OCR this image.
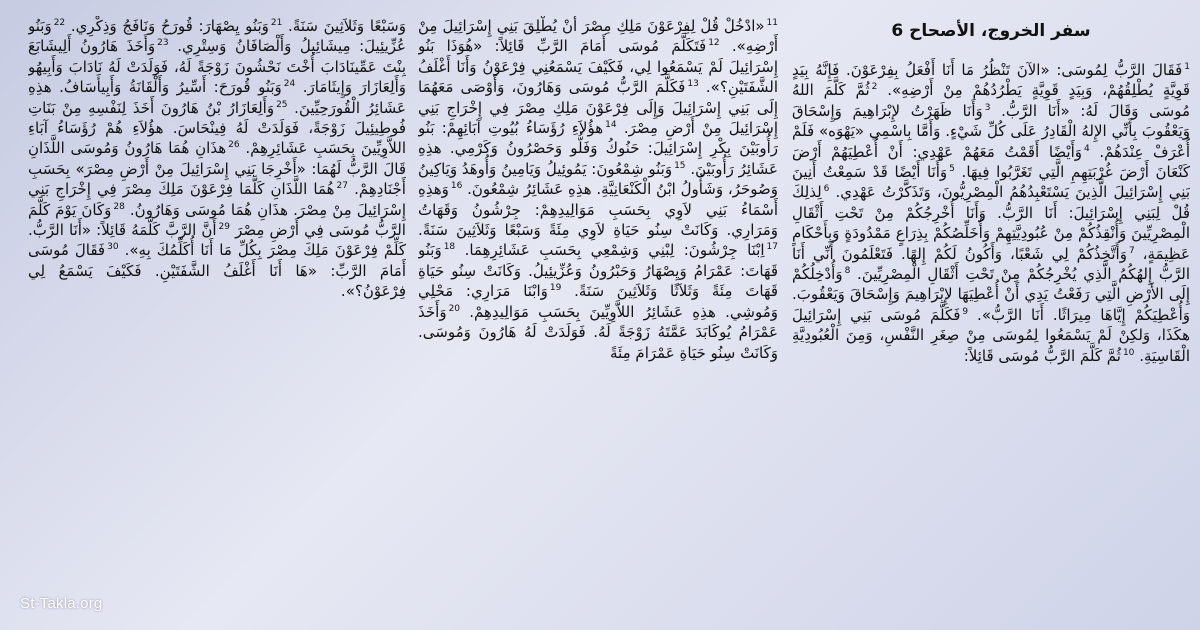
سفر الخروج، الأصحاح 6
$^1$فَقَالَ الرَّبُّ لِمُوسَى: «الآنَ تَنْظُرُ مَا أَنَا أَفْعَلُ بِفِرْعَوْنَ. فَإِنَّهُ بِيَدٍ قَوِيَّةٍ يُطْلِقُهُمْ، وَبِيَدٍ قَوِيَّةٍ يَطْرُدُهُمْ مِنْ أَرْضِهِ». $^2$ثُمَّ كَلَّمَ اللهُ مُوسَى وَقَالَ لَهُ: «أَنَا الرَّبُّ. $^3$وَأَنَا ظَهَرْتُ لإِبْرَاهِيمَ وَإِسْحَاقَ وَيَعْقُوبَ بِأَنِّي الإِلهُ الْقَادِرُ عَلَى كُلِّ شَيْءٍ. وَأَمَّا بِاسْمِي «يَهْوَه» فَلَمْ أُعْرَفْ عِنْدَهُمْ. $^4$وَأَيْضًا أَقَمْتُ مَعَهُمْ عَهْدِي: أَنْ أُعْطِيَهُمْ أَرْضَ كَنْعَانَ أَرْضَ غُرْبَتِهِمِ الَّتِي تَغَرَّبُوا فِيهَا. $^5$وَأَنَا أَيْضًا قَدْ سَمِعْتُ أَنِينَ بَنِي إِسْرَائِيلَ الَّذِينَ يَسْتَعْبِدُهُمُ الْمِصْرِيُّونَ، وَتَذَكَّرْتُ عَهْدِي. $^6$لِذلِكَ قُلْ لِبَنِي إِسْرَائِيلَ: أَنَا الرَّبُّ. وَأَنَا أُخْرِجُكُمْ مِنْ تَحْتِ أَثْقَالِ الْمِصْرِيِّينَ وَأُنْقِذُكُمْ مِنْ عُبُودِيَّتِهِمْ وَأُخَلِّصُكُمْ بِذِرَاعٍ مَمْدُودَةٍ وَبِأَحْكَامٍ عَظِيمَةٍ، $^7$وَأَتَّخِذُكُمْ لِي شَعْبًا، وَأَكُونُ لَكُمْ إِلهًا. فَتَعْلَمُونَ أَنِّي أَنَا الرَّبُّ إِلهُكُمُ الَّذِي يُخْرِجُكُمْ مِنْ تَحْتِ أَثْقَالِ الْمِصْرِيِّينَ. $^8$وَأُدْخِلُكُمْ إِلَى الأَرْضِ الَّتِي رَفَعْتُ يَدِي أَنْ أُعْطِيَهَا لإِبْرَاهِيمَ وَإِسْحَاقَ وَيَعْقُوبَ. وَأُعْطِيَكُمْ إِيَّاهَا مِيرَاثًا. أَنَا الرَّبُّ». $^9$فَكَلَّمَ مُوسَى بَنِي إِسْرَائِيلَ هكَذَا، وَلكِنْ لَمْ يَسْمَعُوا لِمُوسَى مِنْ صِغَرِ النَّفْسِ، وَمِنَ الْعُبُودِيَّةِ الْقَاسِيَةِ. $^{10}$ثُمَّ كَلَّمَ الرَّبُّ مُوسَى قَائِلاً:
$^{11}$«ادْخُلْ قُلْ لِفِرْعَوْنَ مَلِكِ مِصْرَ أَنْ يُطْلِقَ بَنِي إِسْرَائِيلَ مِنْ أَرْضِهِ». $^{12}$فَتَكَلَّمَ مُوسَى أَمَامَ الرَّبِّ قَائِلاً: «هُوَذَا بَنُو إِسْرَائِيلَ لَمْ يَسْمَعُوا لِي، فَكَيْفَ يَسْمَعُنِي فِرْعَوْنُ وَأَنَا أَغْلَفُ الشَّفَتَيْنِ؟». $^{13}$فَكَلَّمَ الرَّبُّ مُوسَى وَهَارُونَ، وَأَوْصَى مَعَهُمَا إِلَى بَنِي إِسْرَائِيلَ وَإِلَى فِرْعَوْنَ مَلِكِ مِصْرَ فِي إِخْرَاجِ بَنِي إِسْرَائِيلَ مِنْ أَرْضِ مِصْرَ. $^{14}$هؤُلاَءِ رُؤَسَاءُ بُيُوتِ آبَائِهِمْ: بَنُو رَأُوبَيْنَ بِكْرِ إِسْرَائِيلَ: حَنُوكُ وَفَلُّو وَحَصْرُونُ وَكَرْمِي. هذِهِ عَشَائِرُ رَأُوبَيْنَ. $^{15}$وَبَنُو شِمْعُونَ: يَمُوئِيلُ وَيَامِينُ وَأُوهَدُ وَيَاكِينُ وَصُوحَرُ، وَشَأُولُ ابْنُ الْكَنْعَانِيَّةِ. هذِهِ عَشَائِرُ شِمْعُونَ. $^{16}$وَهذِهِ أَسْمَاءُ بَنِي لاَوِي بِحَسَبِ مَوَالِيدِهِمْ: جِرْشُونُ وَقَهَاتُ وَمَرَارِي. وَكَانَتْ سِنُو حَيَاةِ لاَوِي مِئَةً وَسَبْعًا وَثَلاَثِينَ سَنَةً. $^{17}$اِبْنَا جِرْشُونَ: لِبْنِي وَشِمْعِي بِحَسَبِ عَشَائِرِهِمَا. $^{18}$وَبَنُو قَهَاتَ: عَمْرَامُ وَيِصْهَارُ وَحَبْرُونُ وَعُزِّيئِيلُ. وَكَانَتْ سِنُو حَيَاةِ قَهَاتَ مِئَةً وَثَلاَثًا وَثَلاَثِينَ سَنَةً. $^{19}$وَابْنَا مَرَارِي: مَحْلِي وَمُوشِي. هذِهِ عَشَائِرُ اللاَّوِيِّينَ بِحَسَبِ مَوَالِيدِهِمْ. $^{20}$وَأَخَذَ عَمْرَامُ يُوكَابَدَ عَمَّتَهُ زَوْجَةً لَهُ. فَوَلَدَتْ لَهُ هَارُونَ وَمُوسَى. وَكَانَتْ سِنُو حَيَاةِ عَمْرَامَ مِئَةً
وَسَبْعًا وَثَلاَثِينَ سَنَةً. $^{21}$وَبَنُو يِصْهَارَ: قُورَحُ وَنَافَجُ وَذِكْرِي. $^{22}$وَبَنُو عُزِّيئِيلَ: مِيشَائِيلُ وَأَلْصَافَانُ وَسِتْرِي. $^{23}$وَأَخَذَ هَارُونُ أَلِيشَابَعَ بِنْتَ عَمِّينَادَابَ أُخْتَ نَحْشُونَ زَوْجَةً لَهُ، فَوَلَدَتْ لَهُ نَادَابَ وَأَبِيهُو وَأَلِعَازَارَ وَإِيثَامَارَ. $^{24}$وَبَنُو قُورَحَ: أَسِّيرُ وَأَلْقَانَةُ وَأَبِيأَسَافُ. هذِهِ عَشَائِرُ الْقُورَحِيِّينَ. $^{25}$وَأَلِعَازَارُ بْنُ هَارُونَ أَخَذَ لِنَفْسِهِ مِنْ بَنَاتِ فُوطِيئِيلَ زَوْجَةً، فَوَلَدَتْ لَهُ فِينْحَاسَ. هؤُلاَءِ هُمْ رُؤَسَاءُ آبَاءِ اللاَّوِيِّينَ بِحَسَبِ عَشَائِرِهِمْ. $^{26}$هذَانِ هُمَا هَارُونُ وَمُوسَى اللَّذَانِ قَالَ الرَّبُّ لَهُمَا: «أَخْرِجَا بَنِي إِسْرَائِيلَ مِنْ أَرْضِ مِصْرَ» بِحَسَبِ أَجْنَادِهِمْ. $^{27}$هُمَا اللَّذَانِ كَلَّمَا فِرْعَوْنَ مَلِكَ مِصْرَ فِي إِخْرَاجِ بَنِي إِسْرَائِيلَ مِنْ مِصْرَ. هذَانِ هُمَا مُوسَى وَهَارُونُ. $^{28}$وَكَانَ يَوْمَ كَلَّمَ الرَّبُّ مُوسَى فِي أَرْضِ مِصْرَ $^{29}$أَنَّ الرَّبَّ كَلَّمَهُ قَائِلاً: «أَنَا الرَّبُّ. كَلِّمْ فِرْعَوْنَ مَلِكَ مِصْرَ بِكُلِّ مَا أَنَا أُكَلِّمُكَ بِهِ». $^{30}$فَقَالَ مُوسَى أَمَامَ الرَّبِّ: «هَا أَنَا أَغْلَفُ الشَّفَتَيْنِ. فَكَيْفَ يَسْمَعُ لِي فِرْعَوْنُ؟».
St-Takla.org
